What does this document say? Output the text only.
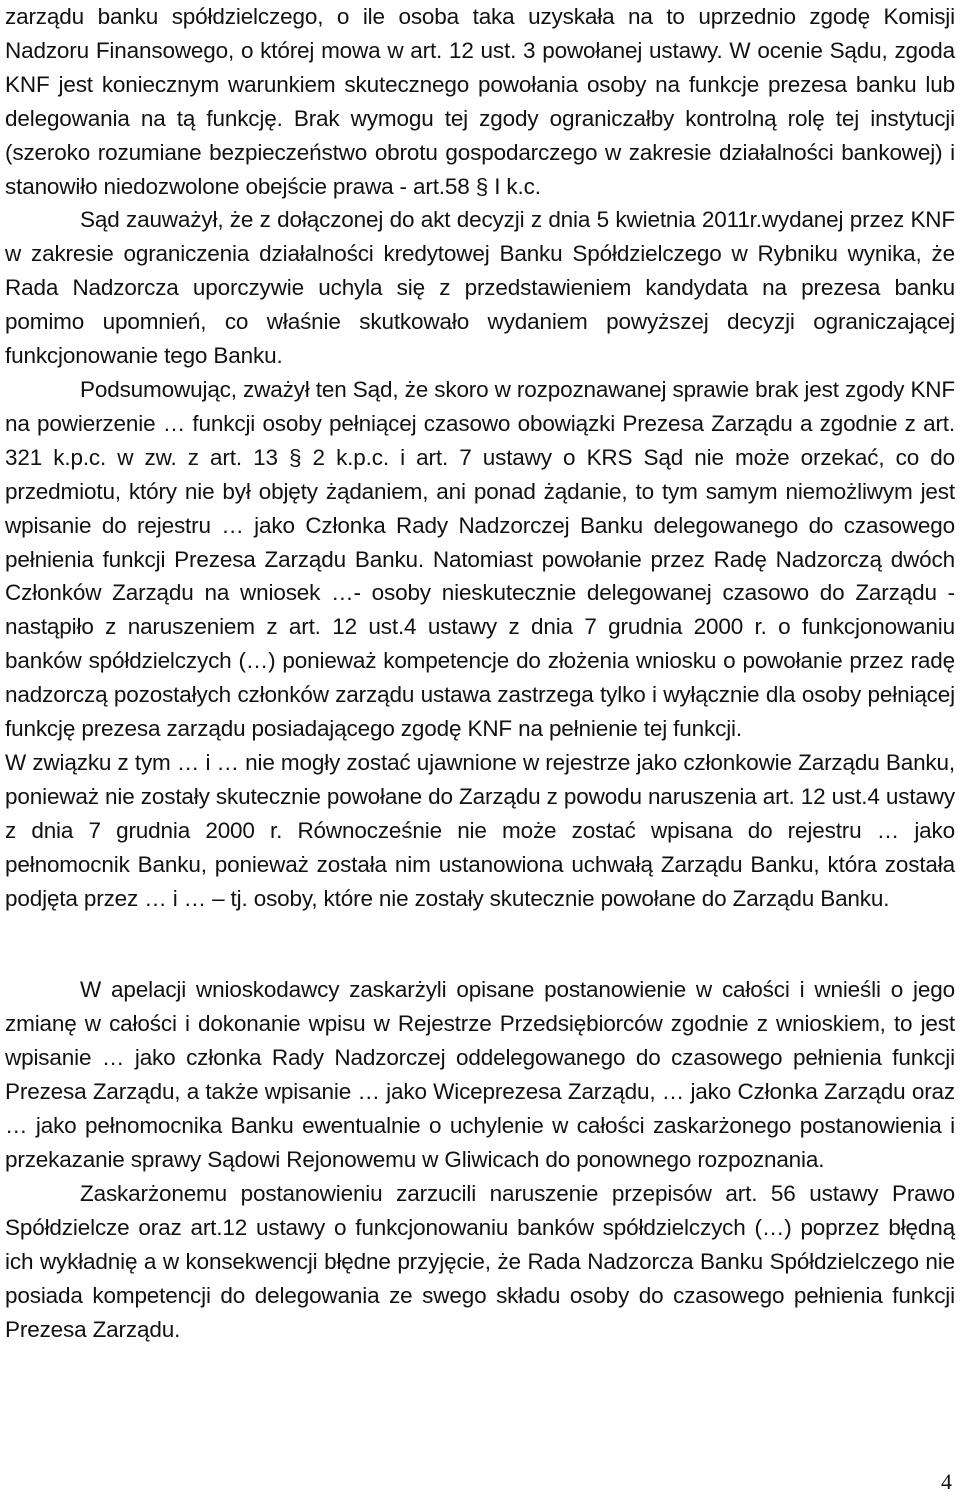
zarządu banku spółdzielczego, o ile osoba taka uzyskała na to uprzednio zgodę Komisji Nadzoru Finansowego, o której mowa w art. 12 ust. 3 powołanej ustawy. W ocenie Sądu, zgoda KNF jest koniecznym warunkiem skutecznego powołania osoby na funkcje prezesa banku lub delegowania na tą funkcję. Brak wymogu tej zgody ograniczałby kontrolną rolę tej instytucji (szeroko rozumiane bezpieczeństwo obrotu gospodarczego w zakresie działalności bankowej) i stanowiło niedozwolone obejście prawa - art.58 § I k.c.

Sąd zauważył, że z dołączonej do akt decyzji z dnia 5 kwietnia 2011r.wydanej przez KNF w zakresie ograniczenia działalności kredytowej Banku Spółdzielczego w Rybniku wynika, że Rada Nadzorcza uporczywie uchyla się z przedstawieniem kandydata na prezesa banku pomimo upomnień, co właśnie skutkowało wydaniem powyższej decyzji ograniczającej funkcjonowanie tego Banku.

Podsumowując, zważył ten Sąd, że skoro w rozpoznawanej sprawie brak jest zgody KNF na powierzenie … funkcji osoby pełniącej czasowo obowiązki Prezesa Zarządu a zgodnie z art. 321 k.p.c. w zw. z art. 13 § 2 k.p.c. i art. 7 ustawy o KRS Sąd nie może orzekać, co do przedmiotu, który nie był objęty żądaniem, ani ponad żądanie, to tym samym niemożliwym jest wpisanie do rejestru … jako Członka Rady Nadzorczej Banku delegowanego do czasowego pełnienia funkcji Prezesa Zarządu Banku. Natomiast powołanie przez Radę Nadzorczą dwóch Członków Zarządu na wniosek …- osoby nieskutecznie delegowanej czasowo do Zarządu - nastąpiło z naruszeniem z art. 12 ust.4 ustawy z dnia 7 grudnia 2000 r. o funkcjonowaniu banków spółdzielczych (…) ponieważ kompetencje do złożenia wniosku o powołanie przez radę nadzorczą pozostałych członków zarządu ustawa zastrzega tylko i wyłącznie dla osoby pełniącej funkcję prezesa zarządu posiadającego zgodę KNF na pełnienie tej funkcji.

W związku z tym … i … nie mogły zostać ujawnione w rejestrze jako członkowie Zarządu Banku, ponieważ nie zostały skutecznie powołane do Zarządu z powodu naruszenia art. 12 ust.4 ustawy z dnia 7 grudnia 2000 r. Równocześnie nie może zostać wpisana do rejestru … jako pełnomocnik Banku, ponieważ została nim ustanowiona uchwałą Zarządu Banku, która została podjęta przez … i … – tj. osoby, które nie zostały skutecznie powołane do Zarządu Banku.

W apelacji wnioskodawcy zaskarżyli opisane postanowienie w całości i wnieśli o jego zmianę w całości i dokonanie wpisu w Rejestrze Przedsiębiorców zgodnie z wnioskiem, to jest wpisanie … jako członka Rady Nadzorczej oddelegowanego do czasowego pełnienia funkcji Prezesa Zarządu, a także wpisanie … jako Wiceprezesa Zarządu, … jako Członka Zarządu oraz … jako pełnomocnika Banku ewentualnie o uchylenie w całości zaskarżonego postanowienia i przekazanie sprawy Sądowi Rejonowemu w Gliwicach do ponownego rozpoznania.

Zaskarżonemu postanowieniu zarzucili naruszenie przepisów art. 56 ustawy Prawo Spółdzielcze oraz art.12 ustawy o funkcjonowaniu banków spółdzielczych (…) poprzez błędną ich wykładnię a w konsekwencji błędne przyjęcie, że Rada Nadzorcza Banku Spółdzielczego nie posiada kompetencji do delegowania ze swego składu osoby do czasowego pełnienia funkcji Prezesa Zarządu.

4
